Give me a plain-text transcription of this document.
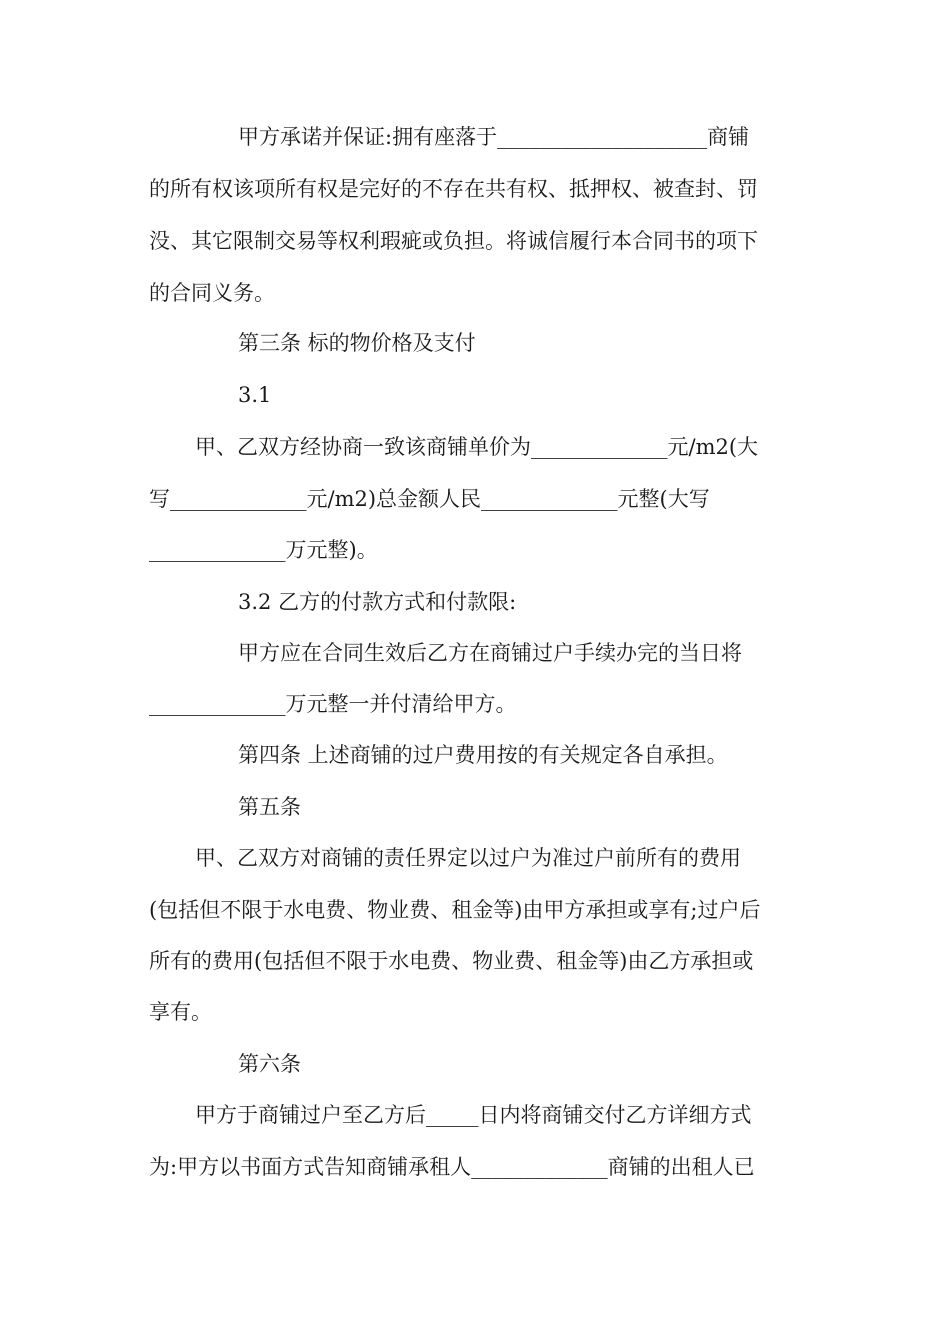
甲方承诺并保证:拥有座落于____________________商铺
的所有权该项所有权是完好的不存在共有权、抵押权、被查封、罚
没、其它限制交易等权利瑕疵或负担。将诚信履行本合同书的项下
的合同义务。
第三条 标的物价格及支付
3.1
甲、乙双方经协商一致该商铺单价为_____________元/m2(大
写_____________元/m2)总金额人民_____________元整(大写
_____________万元整)。
3.2 乙方的付款方式和付款限:
甲方应在合同生效后乙方在商铺过户手续办完的当日将
_____________万元整一并付清给甲方。
第四条 上述商铺的过户费用按的有关规定各自承担。
第五条
甲、乙双方对商铺的责任界定以过户为准过户前所有的费用
(包括但不限于水电费、物业费、租金等)由甲方承担或享有;过户后
所有的费用(包括但不限于水电费、物业费、租金等)由乙方承担或
享有。
第六条
甲方于商铺过户至乙方后_____日内将商铺交付乙方详细方式
为:甲方以书面方式告知商铺承租人_____________商铺的出租人已
